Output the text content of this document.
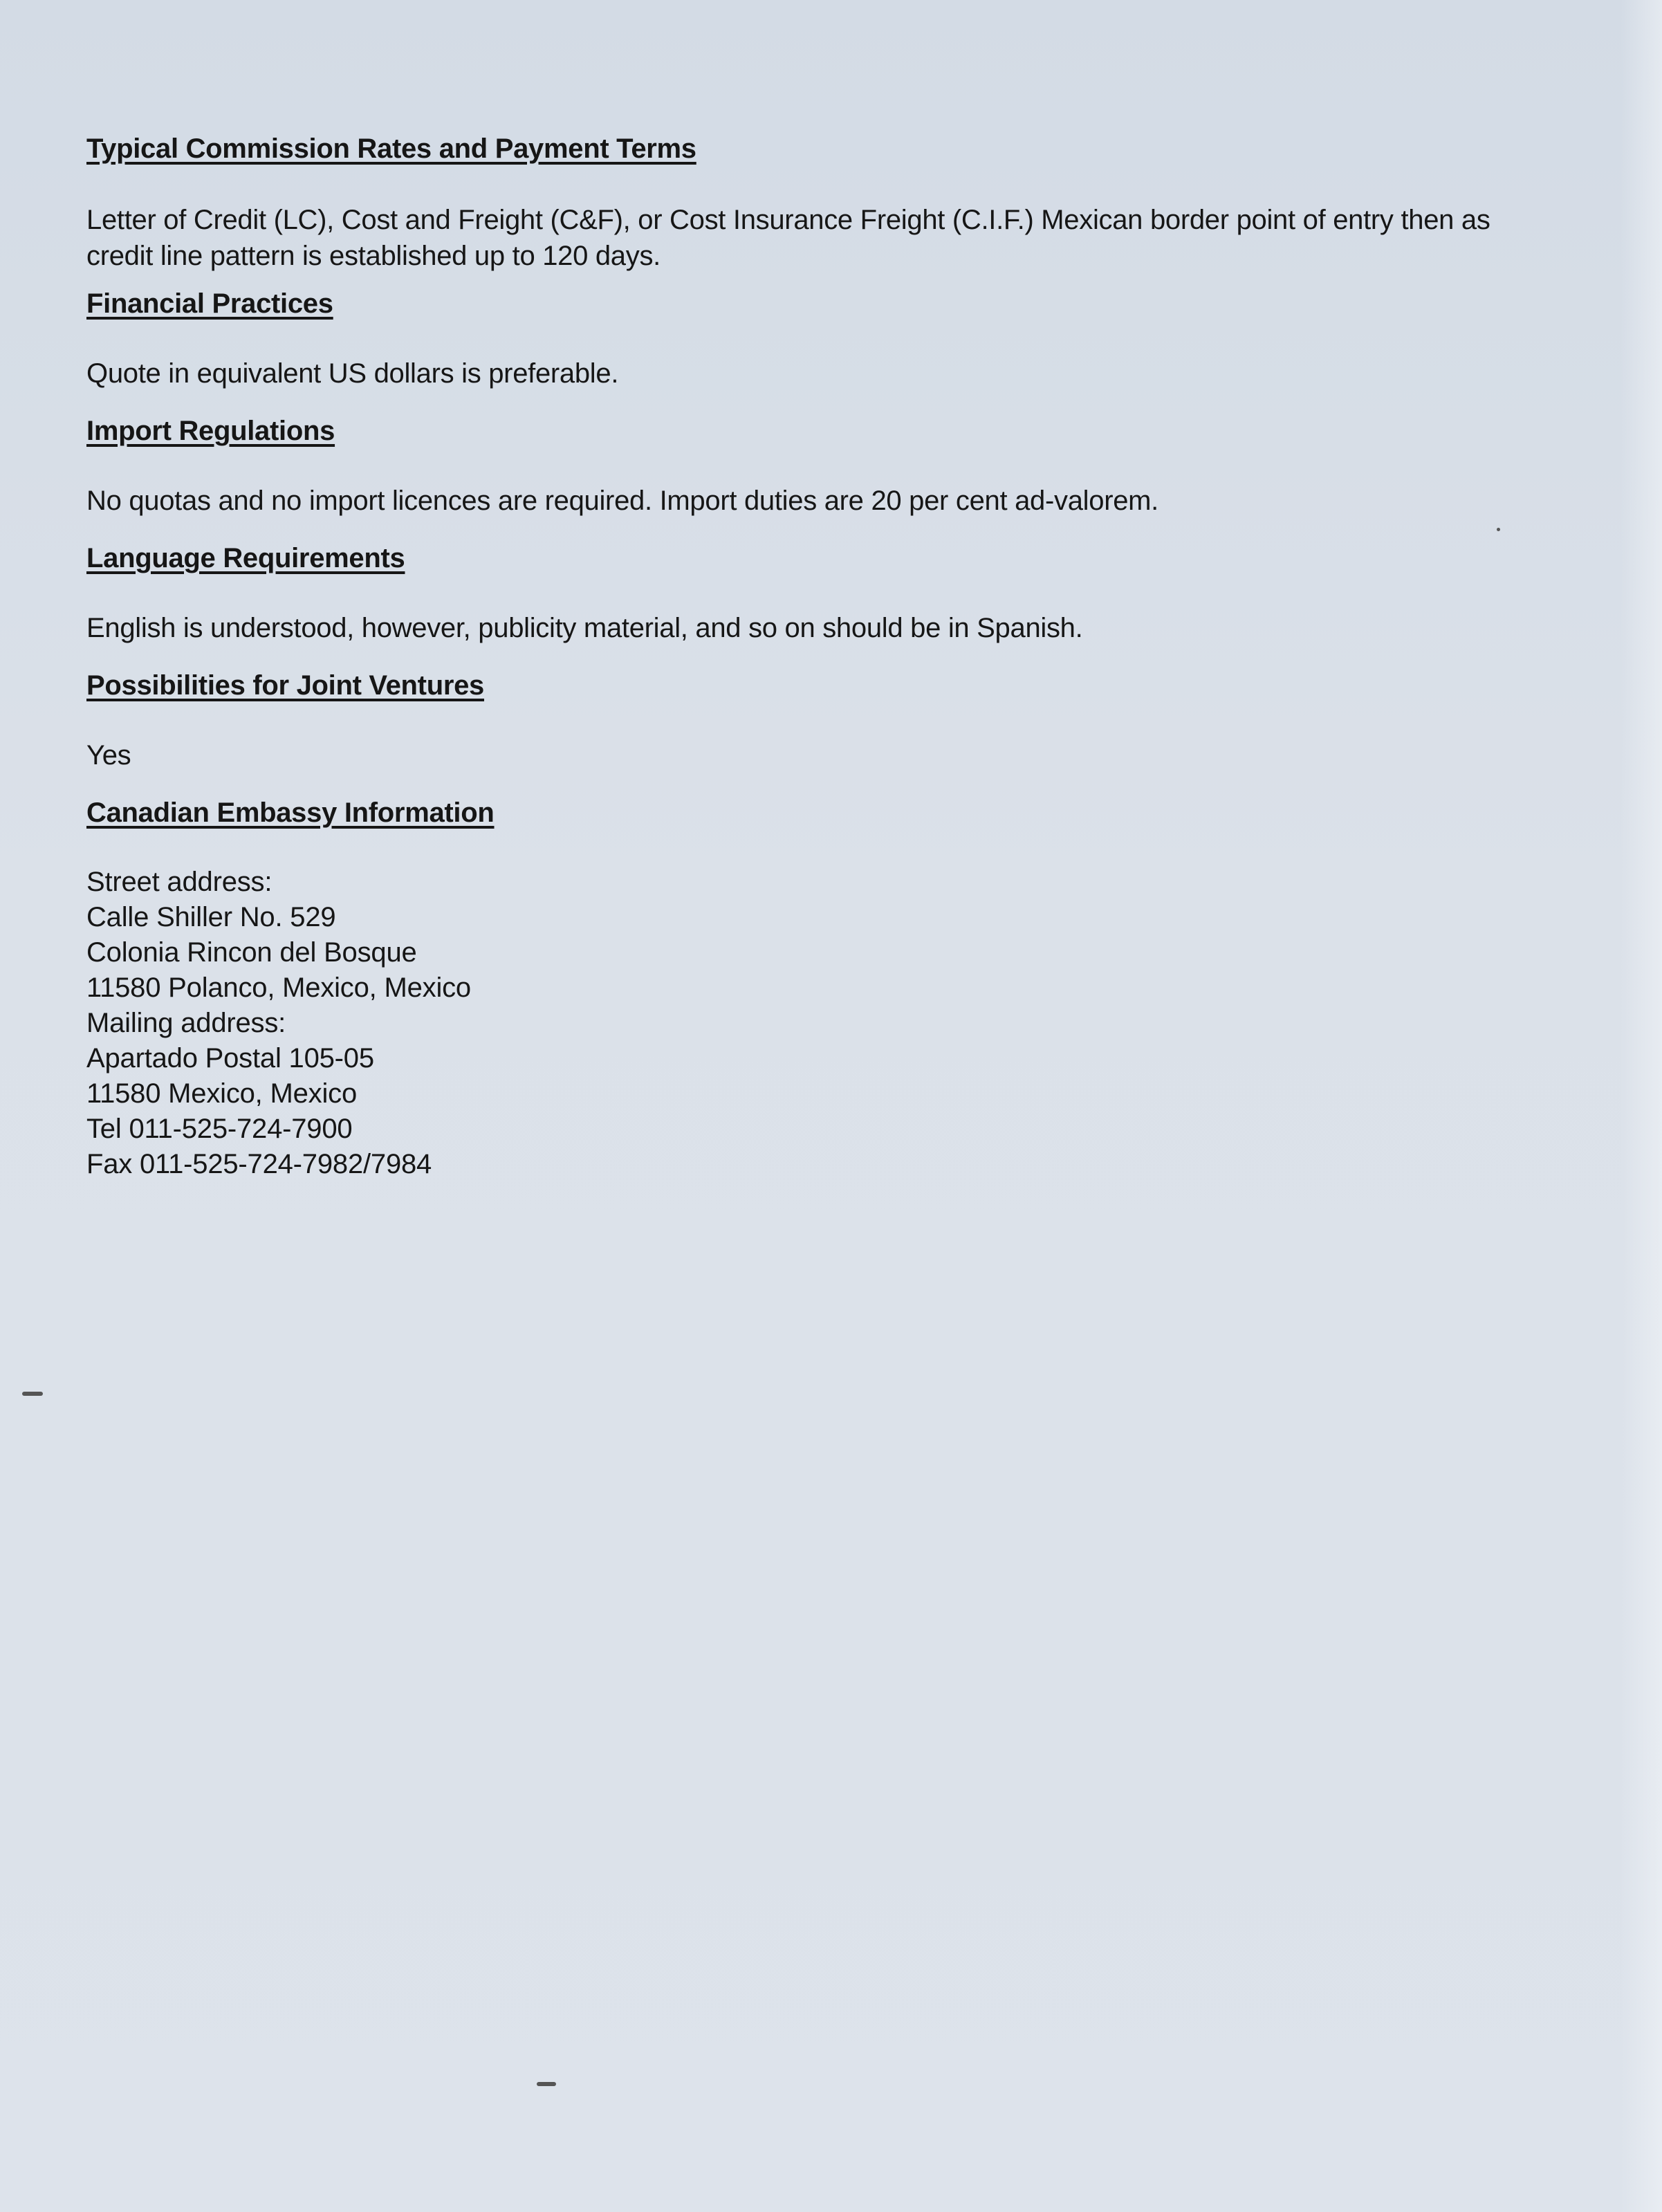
Typical Commission Rates and Payment Terms

Letter of Credit (LC), Cost and Freight (C&F), or Cost Insurance Freight (C.I.F.) Mexican border point of entry then as credit line pattern is established up to 120 days.

Financial Practices

Quote in equivalent US dollars is preferable.

Import Regulations

No quotas and no import licences are required. Import duties are 20 per cent ad-valorem.

Language Requirements

English is understood, however, publicity material, and so on should be in Spanish.

Possibilities for Joint Ventures

Yes

Canadian Embassy Information

Street address:

Calle Shiller No. 529

Colonia Rincon del Bosque

11580 Polanco, Mexico, Mexico

Mailing address:

Apartado Postal 105-05

11580 Mexico, Mexico

Tel 011-525-724-7900

Fax 011-525-724-7982/7984
